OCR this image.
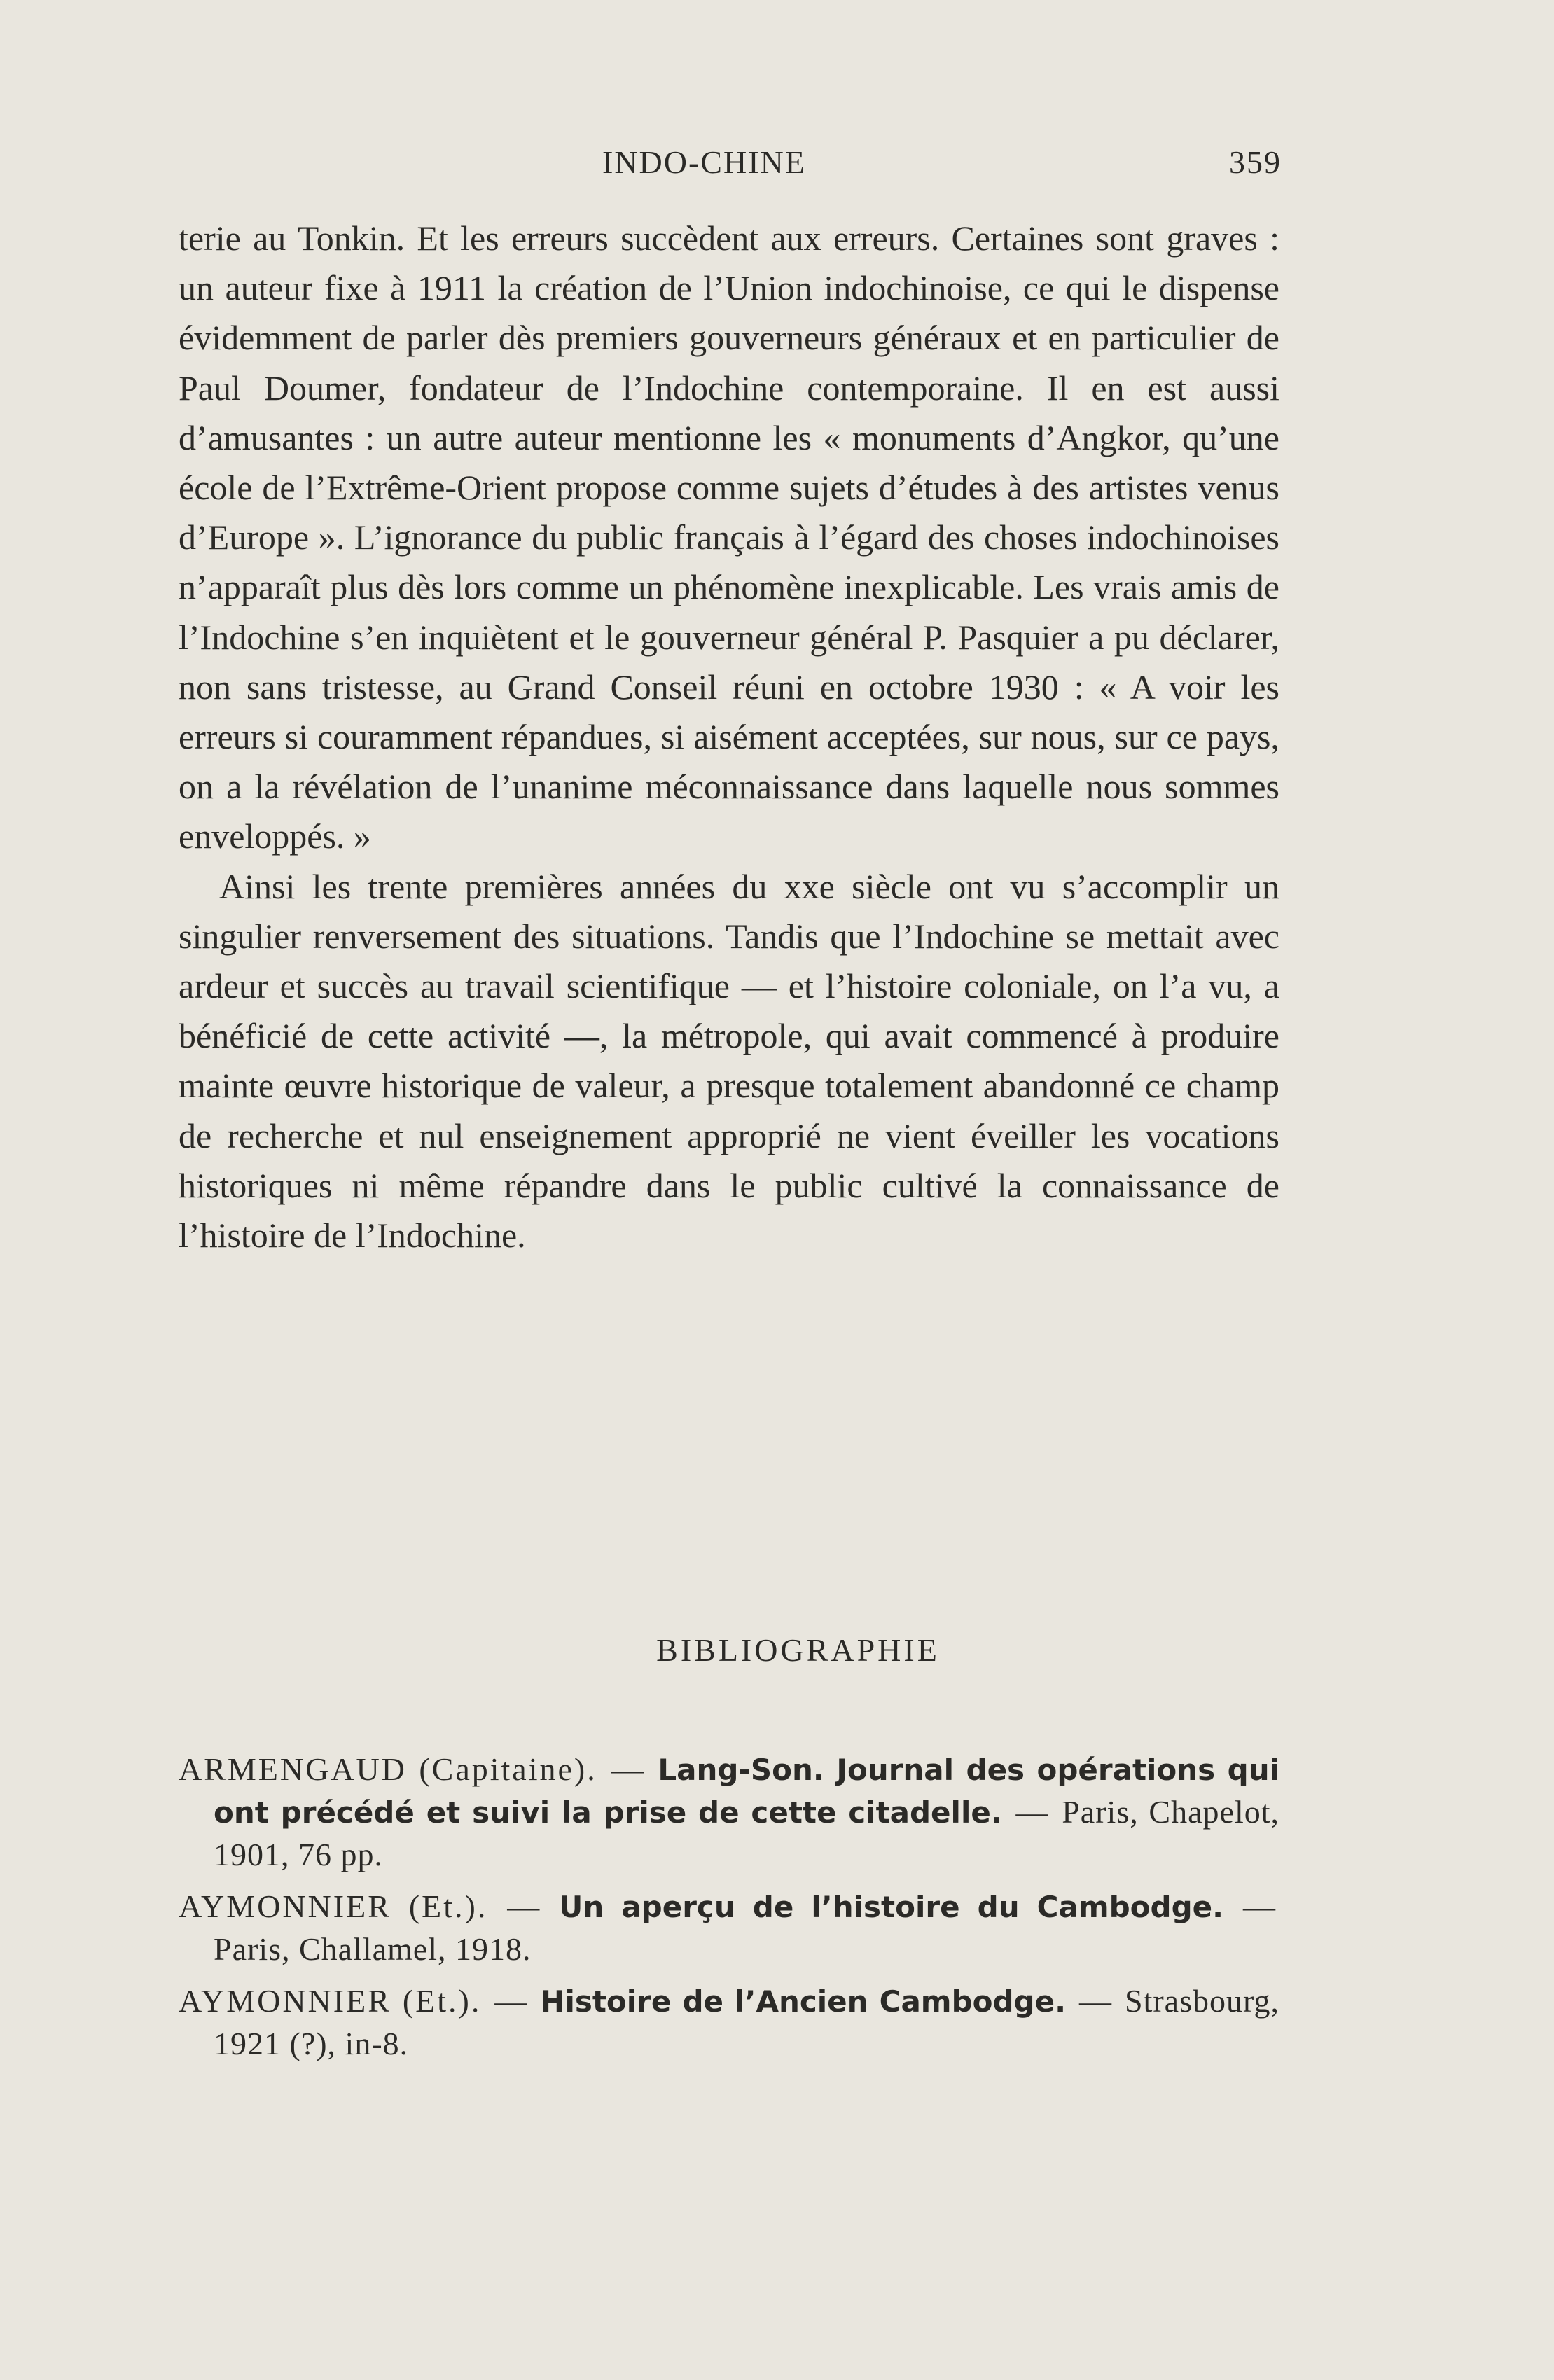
INDO-CHINE	359

terie au Tonkin. Et les erreurs succèdent aux erreurs. Certaines sont graves : un auteur fixe à 1911 la création de l’Union indochinoise, ce qui le dispense évidemment de parler dès premiers gouverneurs généraux et en particulier de Paul Doumer, fondateur de l’Indochine contemporaine. Il en est aussi d’amusantes : un autre auteur mentionne les « monuments d’Angkor, qu’une école de l’Extrême-Orient propose comme sujets d’études à des artistes venus d’Europe ». L’ignorance du public français à l’égard des choses indochinoises n’apparaît plus dès lors comme un phénomène inexplicable. Les vrais amis de l’Indochine s’en inquiètent et le gouverneur général P. Pasquier a pu déclarer, non sans tristesse, au Grand Conseil réuni en octobre 1930 : « A voir les erreurs si couramment répandues, si aisément acceptées, sur nous, sur ce pays, on a la révélation de l’unanime méconnaissance dans laquelle nous sommes enveloppés. »

Ainsi les trente premières années du xxe siècle ont vu s’accomplir un singulier renversement des situations. Tandis que l’Indochine se mettait avec ardeur et succès au travail scientifique — et l’histoire coloniale, on l’a vu, a bénéficié de cette activité —, la métropole, qui avait commencé à produire mainte œuvre historique de valeur, a presque totalement abandonné ce champ de recherche et nul enseignement approprié ne vient éveiller les vocations historiques ni même répandre dans le public cultivé la connaissance de l’histoire de l’Indochine.

BIBLIOGRAPHIE
ARMENGAUD (Capitaine). — Lang-Son. Journal des opérations qui ont précédé et suivi la prise de cette citadelle. — Paris, Chapelot, 1901, 76 pp.
AYMONNIER (Et.). — Un aperçu de l’histoire du Cambodge. — Paris, Challamel, 1918.
AYMONNIER (Et.). — Histoire de l’Ancien Cambodge. — Strasbourg, 1921 (?), in-8.
